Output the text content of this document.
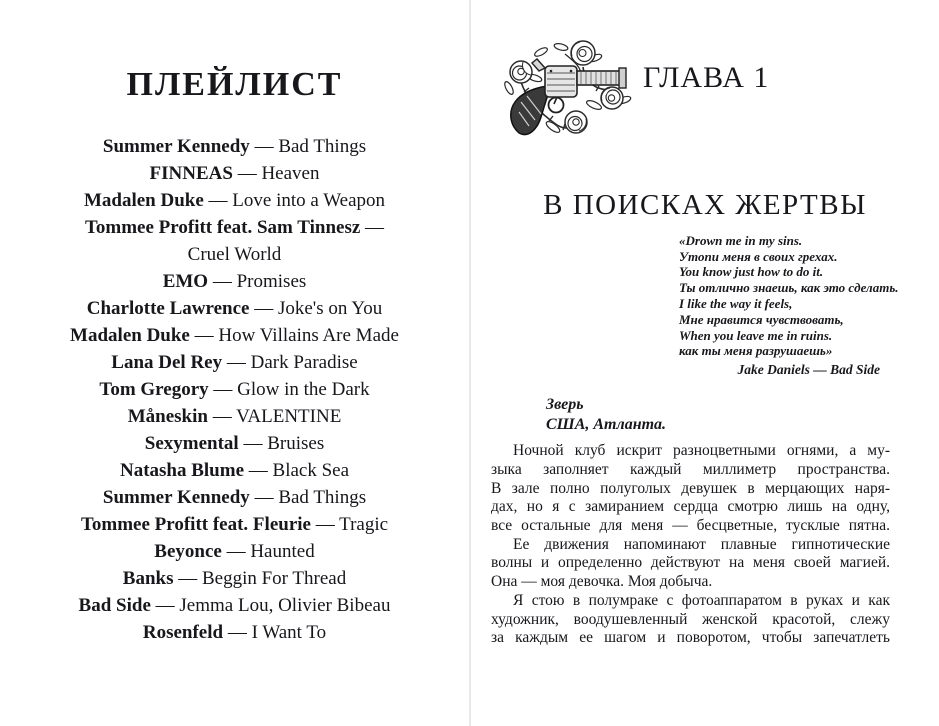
ПЛЕЙЛИСТ
Summer Kennedy — Bad Things
FINNEAS — Heaven
Madalen Duke — Love into a Weapon
Tommee Profitt feat. Sam Tinnesz —
Cruel World
EMO — Promises
Charlotte Lawrence — Joke's on You
Madalen Duke — How Villains Are Made
Lana Del Rey — Dark Paradise
Tom Gregory — Glow in the Dark
Måneskin — VALENTINE
Sexymental — Bruises
Natasha Blume — Black Sea
Summer Kennedy — Bad Things
Tommee Profitt feat. Fleurie — Tragic
Beyonce — Haunted
Banks — Beggin For Thread
Bad Side — Jemma Lou, Olivier Bibeau
Rosenfeld — I Want To
ГЛАВА 1
В ПОИСКАХ ЖЕРТВЫ
«Drown me in my sins.
Утопи меня в своих грехах.
You know just how to do it.
Ты отлично знаешь, как это сделать.
I like the way it feels,
Мне нравится чувствовать,
When you leave me in ruins.
как ты меня разрушаешь»
Jake Daniels — Bad Side
Зверь
США, Атланта.
Ночной клуб искрит разноцветными огнями, а му-
зыка заполняет каждый миллиметр пространства.
В зале полно полуголых девушек в мерцающих наря-
дах, но я с замиранием сердца смотрю лишь на одну,
все остальные для меня — бесцветные, тусклые пятна.
Ее движения напоминают плавные гипнотические
волны и определенно действуют на меня своей магией.
Она — моя девочка. Моя добыча.
Я стою в полумраке с фотоаппаратом в руках и как
художник, воодушевленный женской красотой, слежу
за каждым ее шагом и поворотом, чтобы запечатлеть
